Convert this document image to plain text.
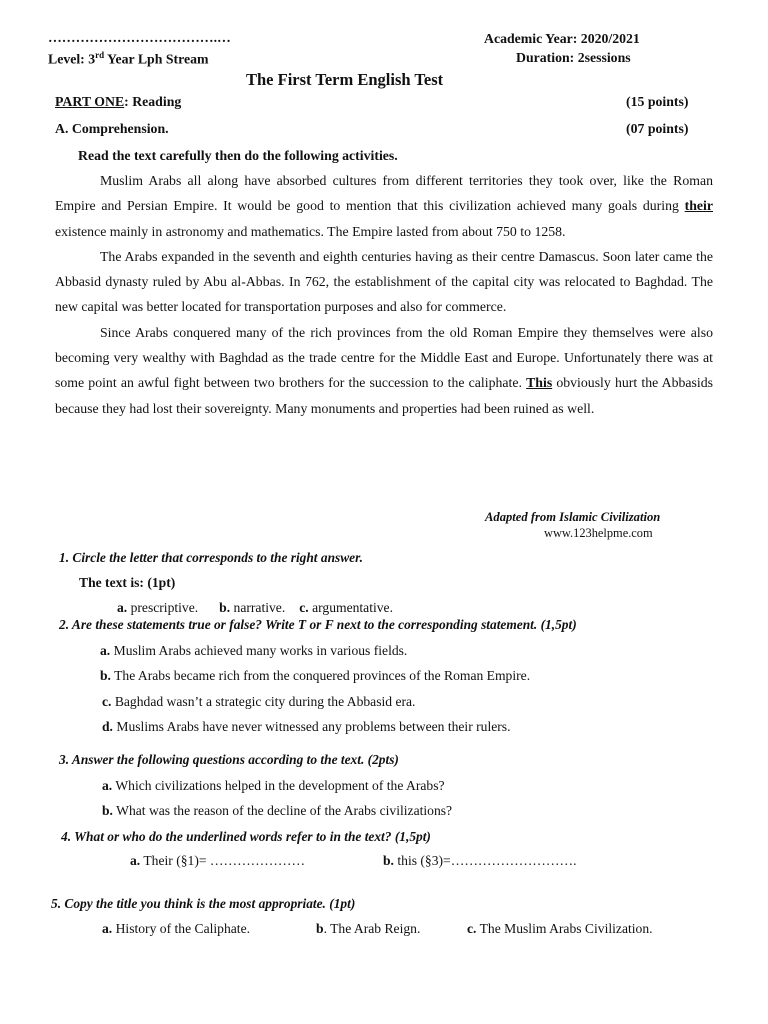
……………………………….…	Academic Year: 2020/2021
Level: 3rd Year Lph Stream	Duration: 2sessions
The First Term English Test
PART ONE: Reading	(15 points)
A. Comprehension.	(07 points)
Read the text carefully then do the following activities.

Muslim Arabs all along have absorbed cultures from different territories they took over, like the Roman Empire and Persian Empire. It would be good to mention that this civilization achieved many goals during their existence mainly in astronomy and mathematics. The Empire lasted from about 750 to 1258.

The Arabs expanded in the seventh and eighth centuries having as their centre Damascus. Soon later came the Abbasid dynasty ruled by Abu al-Abbas. In 762, the establishment of the capital city was relocated to Baghdad. The new capital was better located for transportation purposes and also for commerce.

Since Arabs conquered many of the rich provinces from the old Roman Empire they themselves were also becoming very wealthy with Baghdad as the trade centre for the Middle East and Europe. Unfortunately there was at some point an awful fight between two brothers for the succession to the caliphate. This obviously hurt the Abbasids because they had lost their sovereignty. Many monuments and properties had been ruined as well.

Adapted from Islamic Civilization
www.123helpme.com
1. Circle the letter that corresponds to the right answer.
The text is: (1pt)
a. prescriptive. b. narrative. c. argumentative.
2. Are these statements true or false? Write T or F next to the corresponding statement. (1,5pt)
a. Muslim Arabs achieved many works in various fields.
b. The Arabs became rich from the conquered provinces of the Roman Empire.
c. Baghdad wasn’t a strategic city during the Abbasid era.
d. Muslims Arabs have never witnessed any problems between their rulers.
3. Answer the following questions according to the text. (2pts)
a. Which civilizations helped in the development of the Arabs?
b. What was the reason of the decline of the Arabs civilizations?
4. What or who do the underlined words refer to in the text? (1,5pt)
a. Their (§1)= …………………	b. this (§3)=……………………….
5. Copy the title you think is the most appropriate. (1pt)
a. History of the Caliphate.	b. The Arab Reign.	c. The Muslim Arabs Civilization.
